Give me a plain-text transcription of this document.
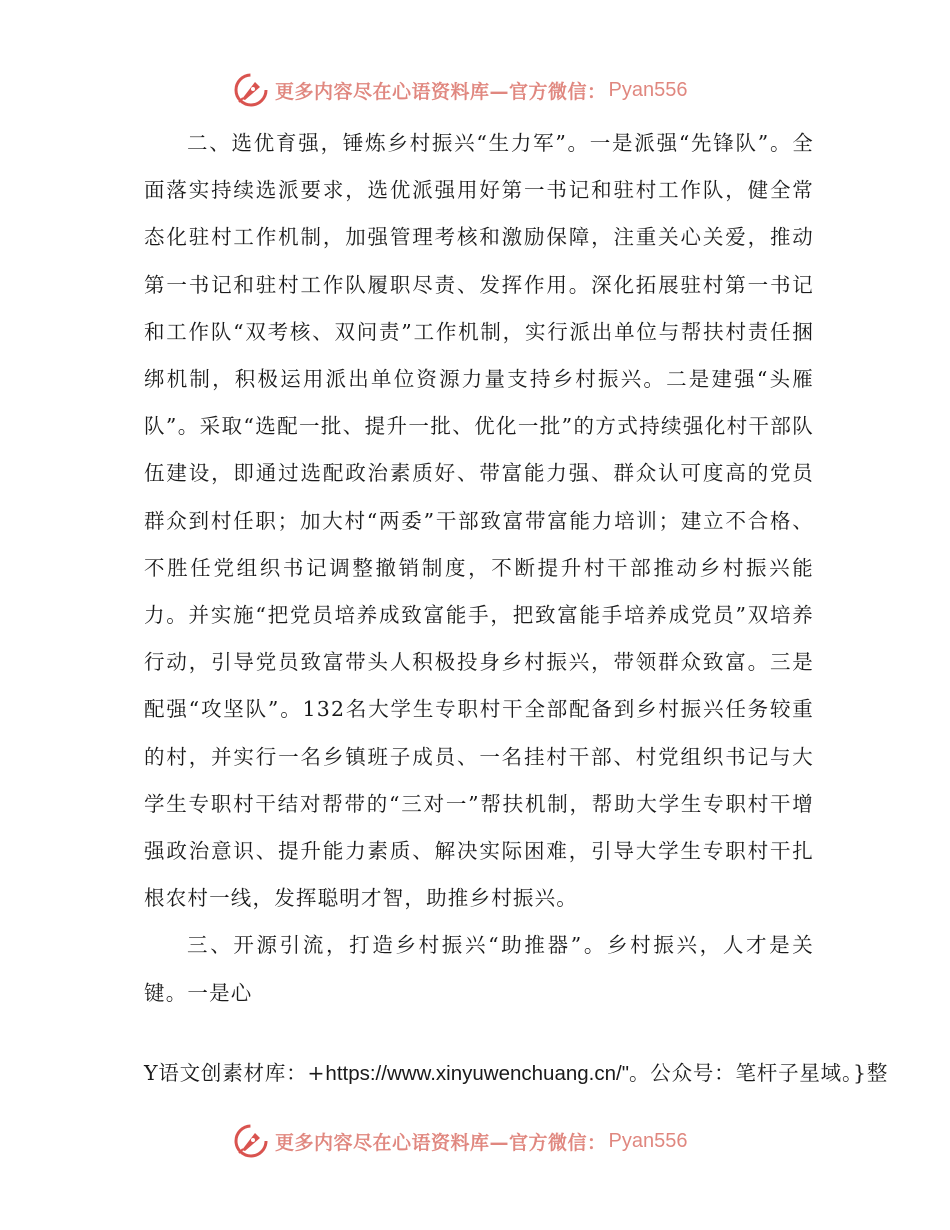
更多内容尽在心语资料库—官方微信： Pyan556

二、选优育强，锤炼乡村振兴“生力军”。一是派强“先锋队”。全面落实持续选派要求，选优派强用好第一书记和驻村工作队，健全常态化驻村工作机制，加强管理考核和激励保障，注重关心关爱，推动第一书记和驻村工作队履职尽责、发挥作用。深化拓展驻村第一书记和工作队“双考核、双问责”工作机制，实行派出单位与帮扶村责任捆绑机制，积极运用派出单位资源力量支持乡村振兴。二是建强“头雁队”。采取“选配一批、提升一批、优化一批”的方式持续强化村干部队伍建设，即通过选配政治素质好、带富能力强、群众认可度高的党员群众到村任职；加大村“两委”干部致富带富能力培训；建立不合格、不胜任党组织书记调整撤销制度，不断提升村干部推动乡村振兴能力。并实施“把党员培养成致富能手，把致富能手培养成党员”双培养行动，引导党员致富带头人积极投身乡村振兴，带领群众致富。三是配强“攻坚队”。132名大学生专职村干全部配备到乡村振兴任务较重的村，并实行一名乡镇班子成员、一名挂村干部、村党组织书记与大学生专职村干结对帮带的“三对一”帮扶机制，帮助大学生专职村干增强政治意识、提升能力素质、解决实际困难，引导大学生专职村干扎根农村一线，发挥聪明才智，助推乡村振兴。

三、开源引流，打造乡村振兴“助推器”。乡村振兴，人才是关键。一是心

Y语文创素材库：+https://www.xinyuwenchuang.cn/"。公众号：笔杆子星域。}整
更多内容尽在心语资料库—官方微信： Pyan556
